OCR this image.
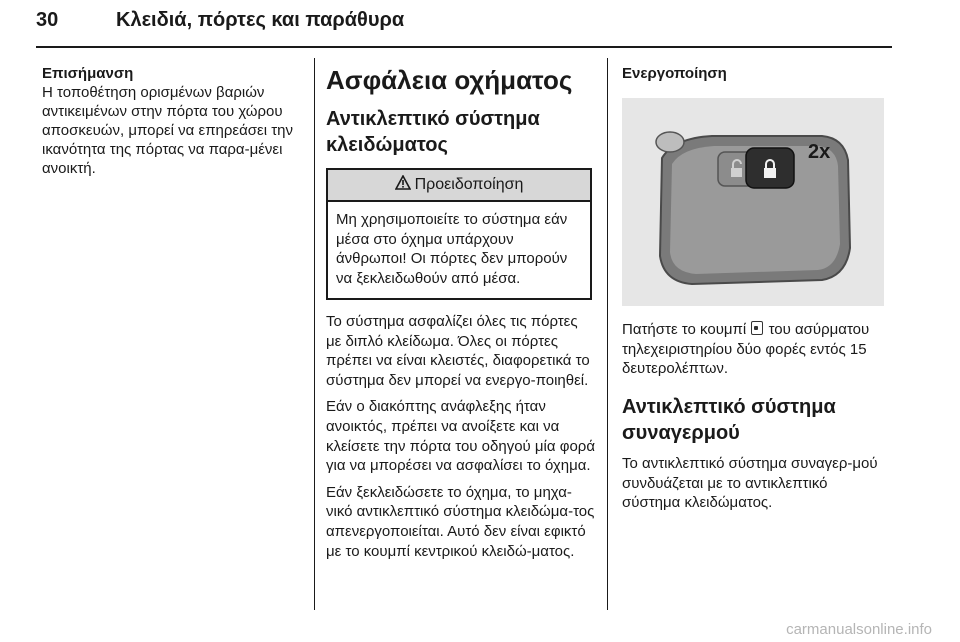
30	Κλειδιά, πόρτες και παράθυρα
Επισήμανση
Η τοποθέτηση ορισμένων βαριών αντικειμένων στην πόρτα του χώρου αποσκευών, μπορεί να επηρεάσει την ικανότητα της πόρτας να παρα-μένει ανοικτή.
Ασφάλεια οχήματος
Αντικλεπτικό σύστημα κλειδώματος
Προειδοποίηση
Μη χρησιμοποιείτε το σύστημα εάν μέσα στο όχημα υπάρχουν άνθρωποι! Οι πόρτες δεν μπορούν να ξεκλειδωθούν από μέσα.

Το σύστημα ασφαλίζει όλες τις πόρτες με διπλό κλείδωμα. Όλες οι πόρτες πρέπει να είναι κλειστές, διαφορετικά το σύστημα δεν μπορεί να ενεργο-ποιηθεί.

Εάν ο διακόπτης ανάφλεξης ήταν ανοικτός, πρέπει να ανοίξετε και να κλείσετε την πόρτα του οδηγού μία φορά για να μπορέσει να ασφαλίσει το όχημα.

Εάν ξεκλειδώσετε το όχημα, το μηχα-νικό αντικλεπτικό σύστημα κλειδώμα-τος απενεργοποιείται. Αυτό δεν είναι εφικτό με το κουμπί κεντρικού κλειδώ-ματος.

Ενεργοποίηση
2x

Πατήστε το κουμπί του ασύρματου τηλεχειριστηρίου δύο φορές εντός 15 δευτερολέπτων.

Αντικλεπτικό σύστημα συναγερμού

Το αντικλεπτικό σύστημα συναγερ-μού συνδυάζεται με το αντικλεπτικό σύστημα κλειδώματος.

carmanualsonline.info
